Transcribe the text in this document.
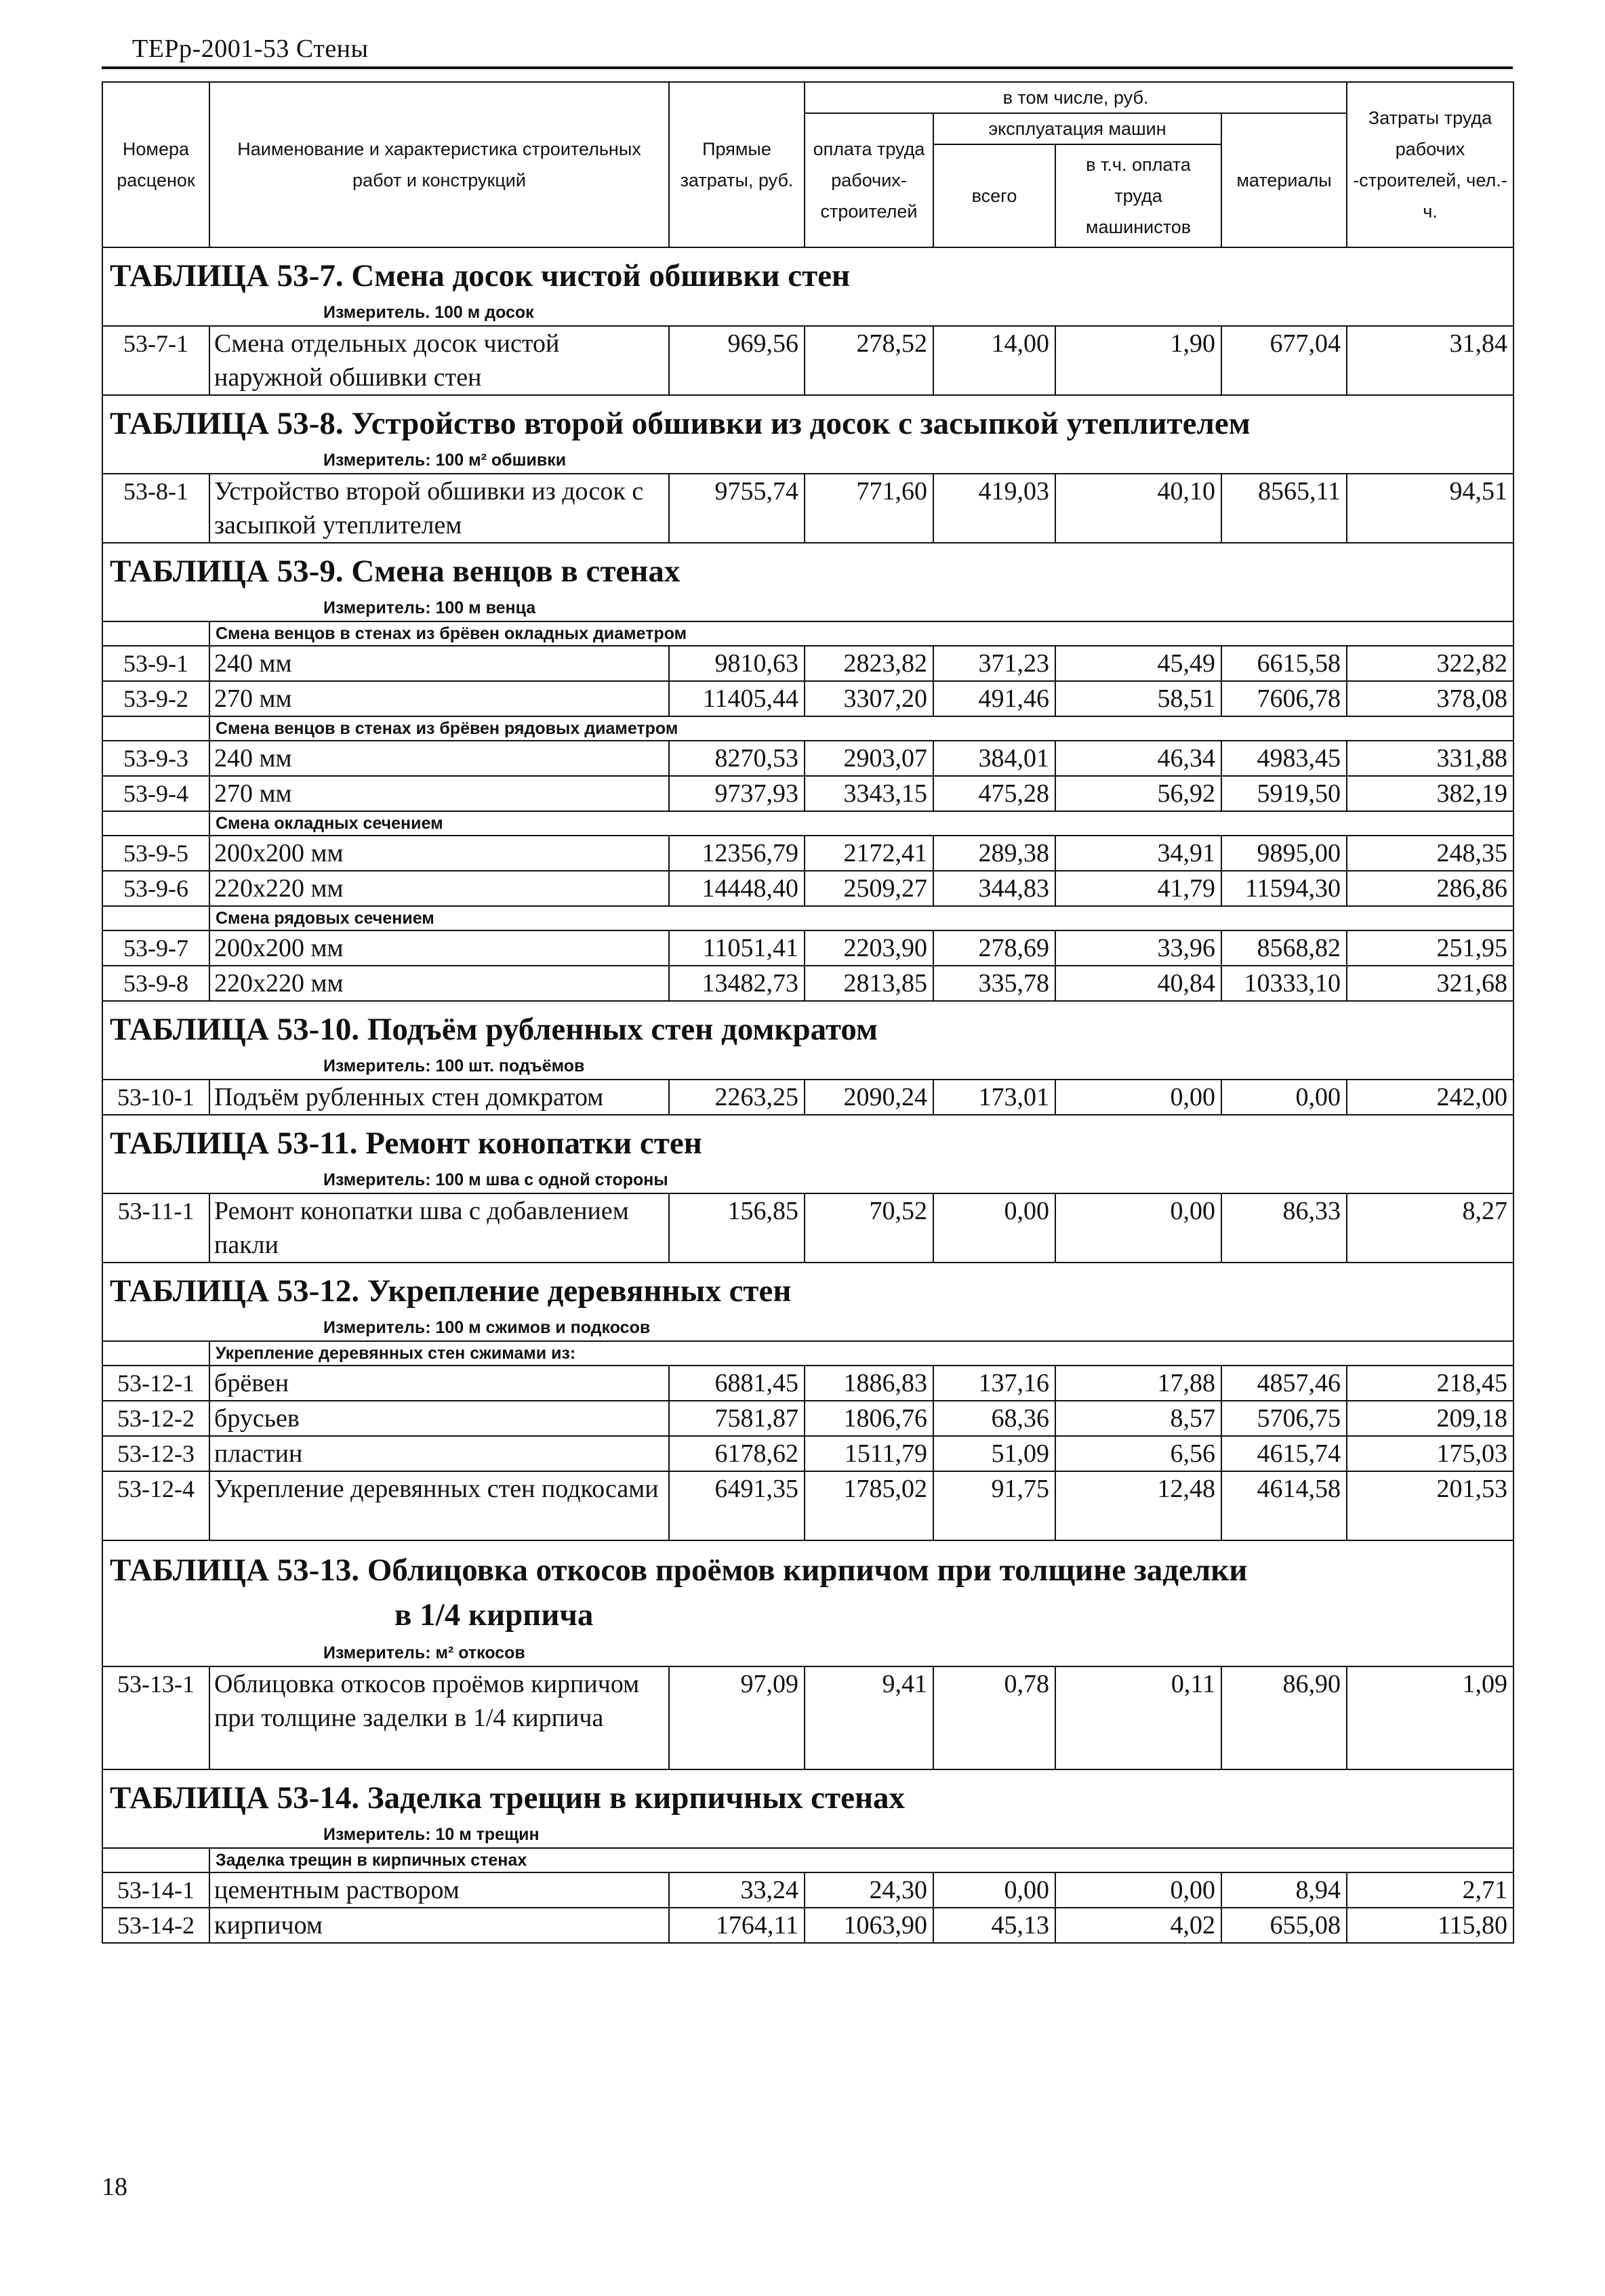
ТЕРр-2001-53 Стены
Номера расценок	Наименование и характеристика строительных работ и конструкций	Прямые затраты, руб.	в том числе, руб.				Затраты труда рабочих -строителей, чел.-ч.
			оплата труда рабочих-строителей	эксплуатация машин		материалы	
				всего	в т.ч. оплата труда машинистов		

ТАБЛИЦА 53-7. Смена досок чистой обшивки стен							

Измеритель. 100 м досок							
53-7-1	Смена отдельных досок чистой наружной обшивки стен	969,56	278,52	14,00	1,90	677,04	31,84

ТАБЛИЦА 53-8. Устройство второй обшивки из досок с засыпкой утеплителем							

Измеритель: 100 м² обшивки							
53-8-1	Устройство второй обшивки из досок с засыпкой утеплителем	9755,74	771,60	419,03	40,10	8565,11	94,51

ТАБЛИЦА 53-9. Смена венцов в стенах							

Измеритель: 100 м венца							
	Смена венцов в стенах из брёвен окладных диаметром						
53-9-1	240 мм	9810,63	2823,82	371,23	45,49	6615,58	322,82
53-9-2	270 мм	11405,44	3307,20	491,46	58,51	7606,78	378,08
	Смена венцов в стенах из брёвен рядовых диаметром						
53-9-3	240 мм	8270,53	2903,07	384,01	46,34	4983,45	331,88
53-9-4	270 мм	9737,93	3343,15	475,28	56,92	5919,50	382,19
	Смена окладных сечением						
53-9-5	200x200 мм	12356,79	2172,41	289,38	34,91	9895,00	248,35
53-9-6	220x220 мм	14448,40	2509,27	344,83	41,79	11594,30	286,86
	Смена рядовых сечением						
53-9-7	200x200 мм	11051,41	2203,90	278,69	33,96	8568,82	251,95
53-9-8	220x220 мм	13482,73	2813,85	335,78	40,84	10333,10	321,68

ТАБЛИЦА 53-10. Подъём рубленных стен домкратом							

Измеритель: 100 шт. подъёмов							
53-10-1	Подъём рубленных стен домкратом	2263,25	2090,24	173,01	0,00	0,00	242,00

ТАБЛИЦА 53-11. Ремонт конопатки стен							

Измеритель: 100 м шва с одной стороны							
53-11-1	Ремонт конопатки шва с добавлением пакли	156,85	70,52	0,00	0,00	86,33	8,27

ТАБЛИЦА 53-12. Укрепление деревянных стен							

Измеритель: 100 м сжимов и подкосов							
	Укрепление деревянных стен сжимами из:						
53-12-1	брёвен	6881,45	1886,83	137,16	17,88	4857,46	218,45
53-12-2	брусьев	7581,87	1806,76	68,36	8,57	5706,75	209,18
53-12-3	пластин	6178,62	1511,79	51,09	6,56	4615,74	175,03
53-12-4	Укрепление деревянных стен подкосами	6491,35	1785,02	91,75	12,48	4614,58	201,53

ТАБЛИЦА 53-13. Облицовка откосов проёмов кирпичом при толщине заделки
в 1/4 кирпича							

Измеритель: м² откосов							
53-13-1	Облицовка откосов проёмов кирпичом при толщине заделки в 1/4 кирпича	97,09	9,41	0,78	0,11	86,90	1,09

ТАБЛИЦА 53-14. Заделка трещин в кирпичных стенах							

Измеритель: 10 м трещин							
	Заделка трещин в кирпичных стенах						
53-14-1	цементным раствором	33,24	24,30	0,00	0,00	8,94	2,71
53-14-2	кирпичом	1764,11	1063,90	45,13	4,02	655,08	115,80
18
